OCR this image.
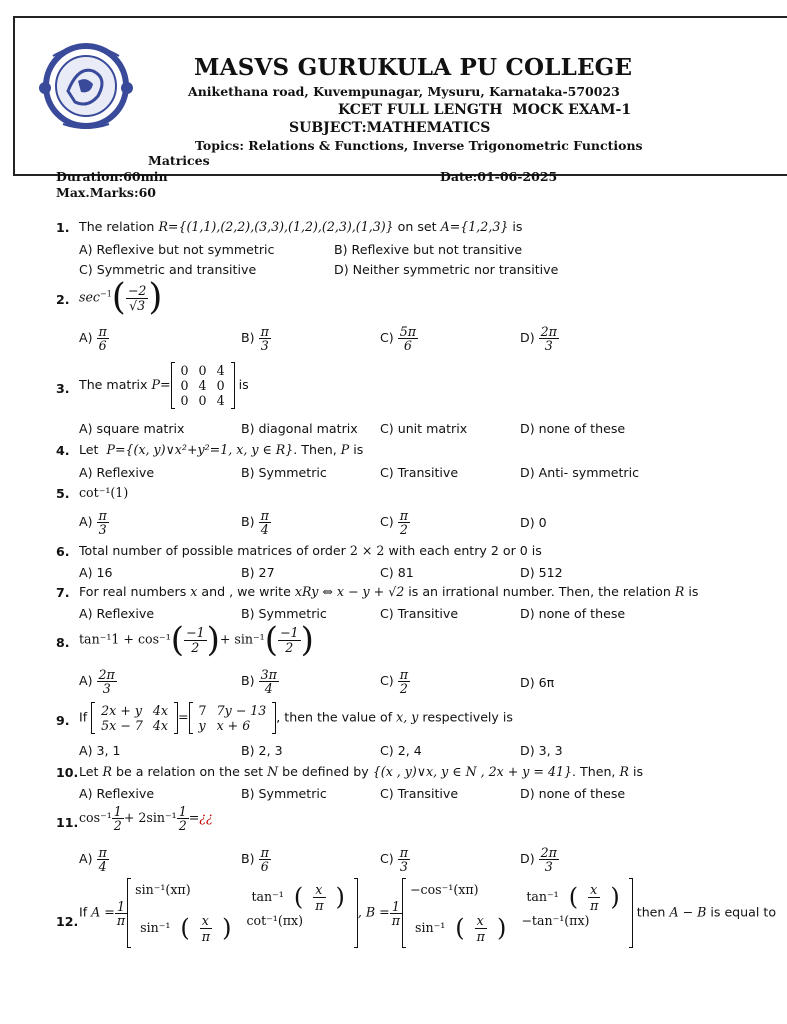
MASVS GURUKULA PU COLLEGE
Anikethana road, Kuvempunagar, Mysuru, Karnataka-570023
KCET FULL LENGTH  MOCK EXAM-1
SUBJECT:MATHEMATICS
Topics: Relations & Functions, Inverse Trigonometric Functions
Matrices
Duration:60min	Date:01-06-2025
Max.Marks:60
1. The relation R={(1,1),(2,2),(3,3),(1,2),(2,3),(1,3)} on set A={1,2,3} is
A) Reflexive but not symmetric	B) Reflexive but not transitive
C) Symmetric and transitive	D) Neither symmetric nor transitive
2. $\sec^{-1}( \frac{-2}{√3}$ )
$A) \frac{\pi}{6}$	$B) \frac{\pi}{3}$	$C) \frac{5\pi}{6}$	$D) \frac{2\pi}{3}$
3. The matrix P=
0 0 4
0 4 0
0 0 4
is
A) square matrix	B) diagonal matrix C) unit matrix	D) none of these
4. Let P={(x, y)∨x²+y²=1, x, y ∈ R}. Then, P is
A) Reflexive	B) Symmetric	C) Transitive	D) Anti- symmetric
5. cot⁻¹(1)
$A) \frac{\pi}{3}$	$B) \frac{\pi}{4}$	$C) \frac{\pi}{2}$	D) 0
6. Total number of possible matrices of order 2 × 2 with each entry 2 or 0 is
A) 16	B) 27	C) 81	D) 512
7. For real numbers x and , we write xRy ⇔ x − y + √2 is an irrational number. Then, the relation R is
A) Reflexive	B) Symmetric	C) Transitive	D) none of these
8. $\tan^{-1}1 + \cos^{-1}( \frac{-1}{2}$ )+ $\sin^{-1}( \frac{-1}{2}$ )
$A) \frac{2\pi}{3}$	$B) \frac{3\pi}{4}$	$C) \frac{\pi}{2}$	D) 6π
9. If	2x + y 4x
5x − 7 4x
= 7 7y − 13
y x + 6
, then the value of x, y respectively is
A) 3, 1	B) 2, 3	C) 2, 4	D) 3, 3
10. Let R be a relation on the set N be defined by {(x , y)∨x, y ∈ N , 2x + y = 41}. Then, R is
A) Reflexive	B) Symmetric	C) Transitive	D) none of these
11. $\cos^{-1} \frac{1}{2} + 2\sin^{-1} \frac{1}{2}$ =¿¿
$A) \frac{\pi}{4}$	$B) \frac{\pi}{6}$	$C) \frac{\pi}{3}$	$D) \frac{2\pi}{3}$
12.
If $A = \frac{1}{\pi}$
sin⁻¹(xπ)	tan⁻¹ ( $\frac{x}{\pi}$ )
sin⁻¹ ( $\frac{x}{\pi}$ )	cot⁻¹(πx)
, $B = \frac{1}{\pi}$
−cos⁻¹(xπ)	tan⁻¹ ( $\frac{x}{\pi}$ )
sin⁻¹ ( $\frac{x}{\pi}$ )	−tan⁻¹(πx)
then A − B is equal to
